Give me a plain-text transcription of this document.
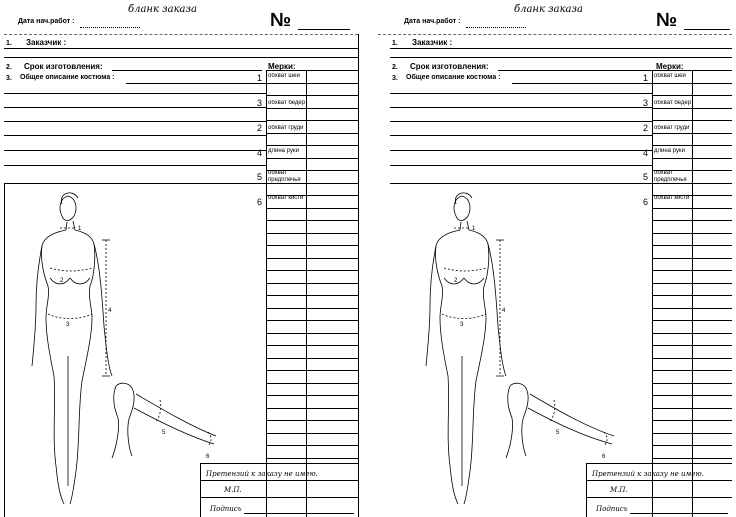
бланк заказа
Дата нач.работ :	№
1. Заказчик :
2. Срок изготовления:	Мерки:
3. Общее описание костюма :	1 обхват шеи
3 обхват бедер
2 обхват груди
4 длина руки
5 обхват предплечья
6 обхват кисти
Претензий к заказу не имею.
М.П.
Подпись
1
2
3
4
5
6
бланк заказа
Дата нач.работ :	№
1. Заказчик :
2. Срок изготовления:	Мерки:
3. Общее описание костюма :	1 обхват шеи
3 обхват бедер
2 обхват груди
4 длина руки
5 обхват предплечья
6 обхват кисти
Претензий к заказу не имею.
М.П.
Подпись
1
2
3
4
5
6
